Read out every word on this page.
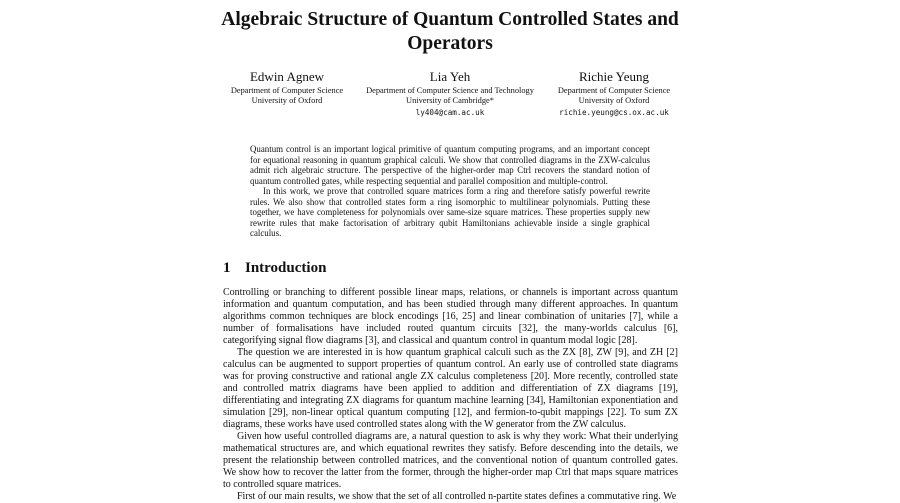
Algebraic Structure of Quantum Controlled States and Operators
Edwin Agnew
Department of Computer Science
University of Oxford
Lia Yeh
Department of Computer Science and Technology
University of Cambridge*
ly404@cam.ac.uk
Richie Yeung
Department of Computer Science
University of Oxford
richie.yeung@cs.ox.ac.uk

Quantum control is an important logical primitive of quantum computing programs, and an important concept for equational reasoning in quantum graphical calculi. We show that controlled diagrams in the ZXW-calculus admit rich algebraic structure. The perspective of the higher-order map Ctrl recovers the standard notion of quantum controlled gates, while respecting sequential and parallel composition and multiple-control.

In this work, we prove that controlled square matrices form a ring and therefore satisfy powerful rewrite rules. We also show that controlled states form a ring isomorphic to multilinear polynomials. Putting these together, we have completeness for polynomials over same-size square matrices. These properties supply new rewrite rules that make factorisation of arbitrary qubit Hamiltonians achievable inside a single graphical calculus.

1 Introduction

Controlling or branching to different possible linear maps, relations, or channels is important across quantum information and quantum computation, and has been studied through many different approaches. In quantum algorithms common techniques are block encodings [16, 25] and linear combination of unitaries [7], while a number of formalisations have included routed quantum circuits [32], the many-worlds calculus [6], categorifying signal flow diagrams [3], and classical and quantum control in quantum modal logic [28].

The question we are interested in is how quantum graphical calculi such as the ZX [8], ZW [9], and ZH [2] calculus can be augmented to support properties of quantum control. An early use of controlled state diagrams was for proving constructive and rational angle ZX calculus completeness [20]. More recently, controlled state and controlled matrix diagrams have been applied to addition and differentiation of ZX diagrams [19], differentiating and integrating ZX diagrams for quantum machine learning [34], Hamiltonian exponentiation and simulation [29], non-linear optical quantum computing [12], and fermion-to-qubit mappings [22]. To sum ZX diagrams, these works have used controlled states along with the W generator from the ZW calculus.

Given how useful controlled diagrams are, a natural question to ask is why they work: What their underlying mathematical structures are, and which equational rewrites they satisfy. Before descending into the details, we present the relationship between controlled matrices, and the conventional notion of quantum controlled gates. We show how to recover the latter from the former, through the higher-order map Ctrl that maps square matrices to controlled square matrices.

First of our main results, we show that the set of all controlled n-partite states defines a commutative ring. We
